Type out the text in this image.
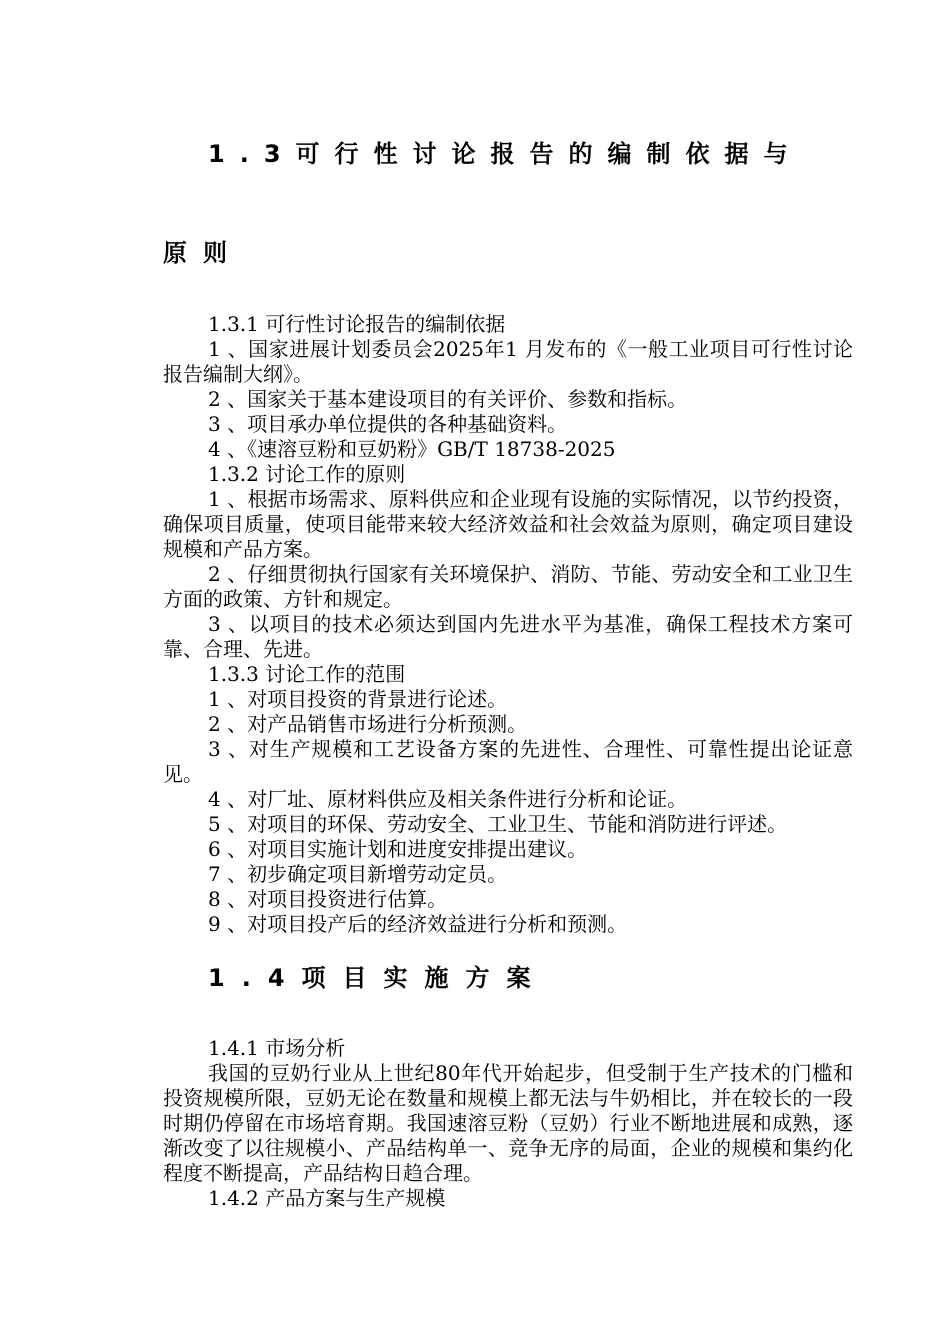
1.3可行性讨论报告的编制依据与
原则

1.3.1 可行性讨论报告的编制依据

1 、国家进展计划委员会2025年1 月发布的《一般工业项目可行性讨论报告编制大纲》。

2 、国家关于基本建设项目的有关评价、参数和指标。

3 、项目承办单位提供的各种基础资料。

4 、《速溶豆粉和豆奶粉》GB/T 18738-2025

1.3.2 讨论工作的原则

1 、根据市场需求、原料供应和企业现有设施的实际情况，以节约投资，确保项目质量，使项目能带来较大经济效益和社会效益为原则，确定项目建设规模和产品方案。

2 、仔细贯彻执行国家有关环境保护、消防、节能、劳动安全和工业卫生方面的政策、方针和规定。

3 、以项目的技术必须达到国内先进水平为基准，确保工程技术方案可靠、合理、先进。

1.3.3 讨论工作的范围

1 、对项目投资的背景进行论述。

2 、对产品销售市场进行分析预测。

3 、对生产规模和工艺设备方案的先进性、合理性、可靠性提出论证意见。

4 、对厂址、原材料供应及相关条件进行分析和论证。

5 、对项目的环保、劳动安全、工业卫生、节能和消防进行评述。

6 、对项目实施计划和进度安排提出建议。

7 、初步确定项目新增劳动定员。

8 、对项目投资进行估算。

9 、对项目投产后的经济效益进行分析和预测。

1.4项目实施方案

1.4.1 市场分析

我国的豆奶行业从上世纪80年代开始起步，但受制于生产技术的门槛和投资规模所限，豆奶无论在数量和规模上都无法与牛奶相比，并在较长的一段时期仍停留在市场培育期。我国速溶豆粉（豆奶）行业不断地进展和成熟，逐渐改变了以往规模小、产品结构单一、竞争无序的局面，企业的规模和集约化程度不断提高，产品结构日趋合理。

1.4.2 产品方案与生产规模
